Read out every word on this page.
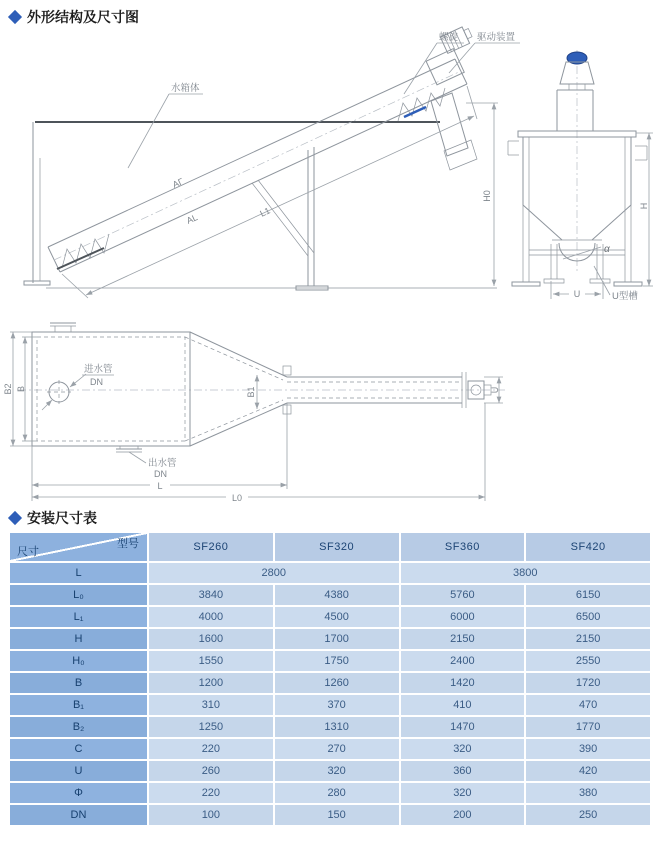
螺旋 驱动装置
水箱体
AΓ
AL
L1
H0
H
α
U	U型槽
进水管
DN
B1
B2 B
出水管
DN
L
L0
U
外形结构及尺寸图
安装尺寸表
型号
尺寸	SF260	SF320	SF360	SF420
L	2800		3800	
L₀	3840	4380	5760	6150
L₁	4000	4500	6000	6500
H	1600	1700	2150	2150
H₀	1550	1750	2400	2550
B	1200	1260	1420	1720
B₁	310	370	410	470
B₂	1250	1310	1470	1770
C	220	270	320	390
U	260	320	360	420
Φ	220	280	320	380
DN	100	150	200	250
